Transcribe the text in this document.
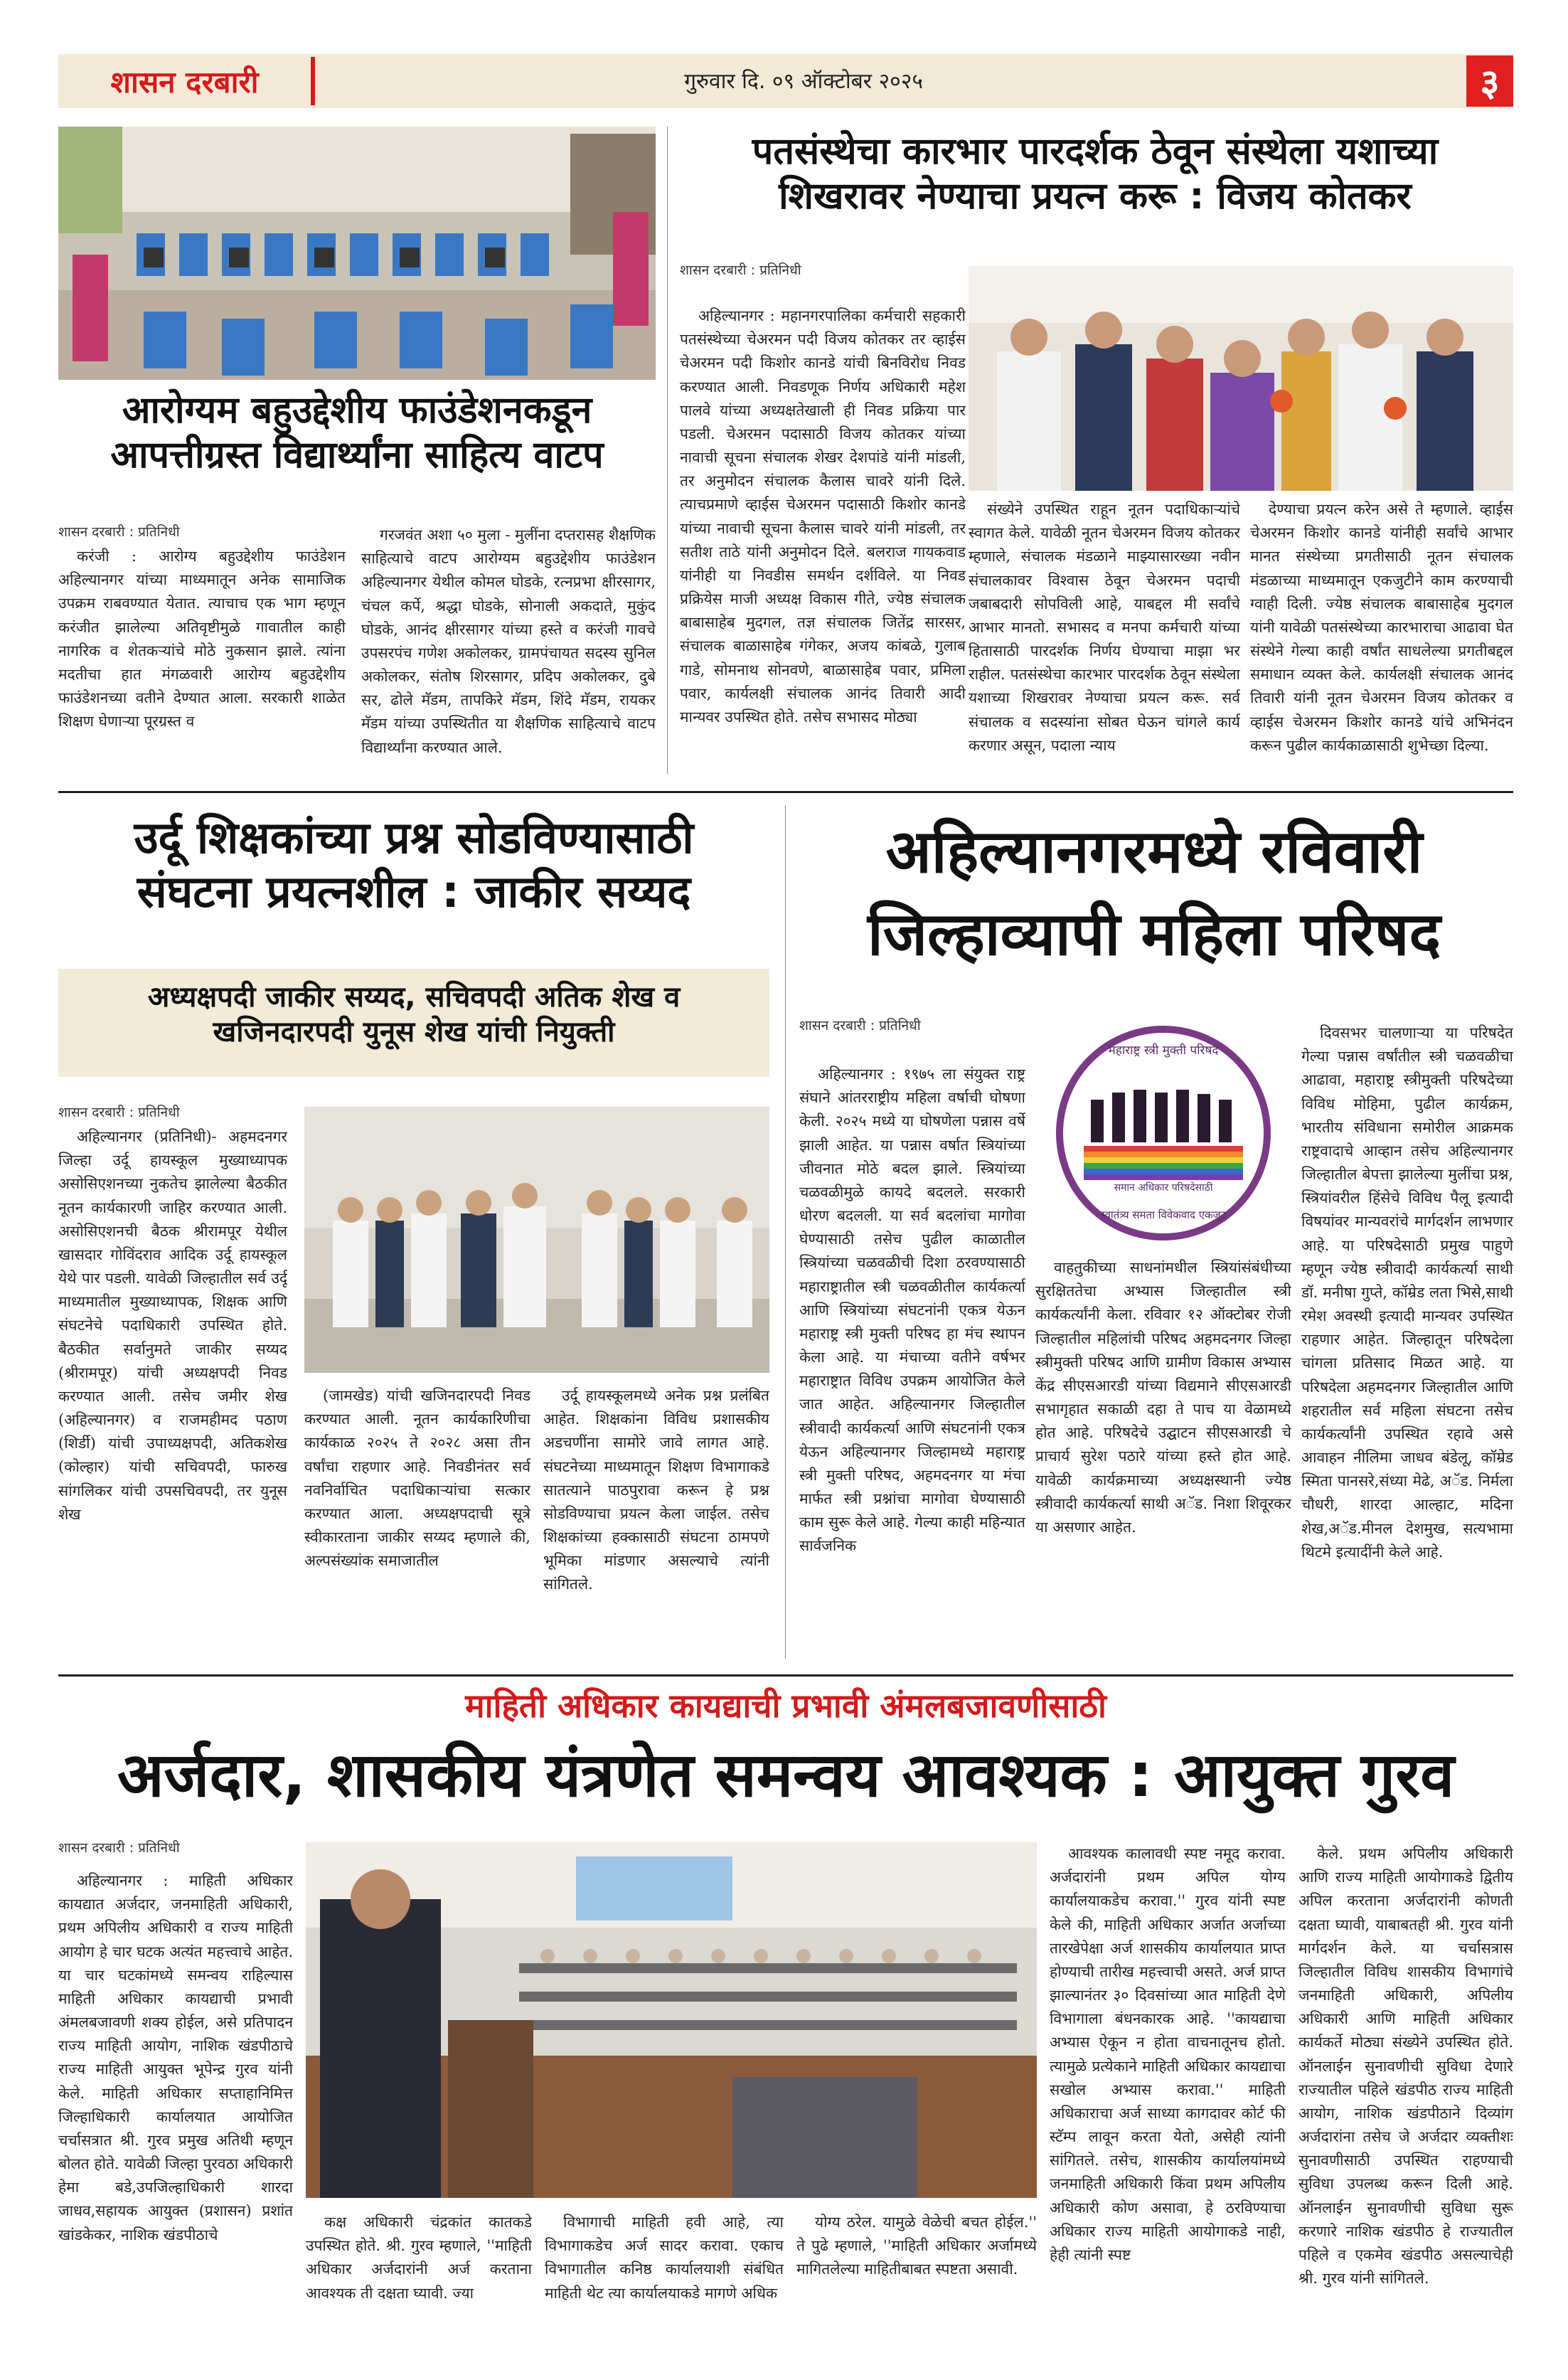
शासन दरबारी	गुरुवार दि. ०९ ऑक्टोबर २०२५	३
आरोग्यम बहुउद्देशीय फाउंडेशनकडून
आपत्तीग्रस्त विद्यार्थ्यांना साहित्य वाटप
शासन दरबारी : प्रतिनिधी

करंजी : आरोग्य बहुउद्देशीय फाउंडेशन अहिल्यानगर यांच्या माध्यमातून अनेक सामाजिक उपक्रम राबवण्यात येतात. त्याचाच एक भाग म्हणून करंजीत झालेल्या अतिवृष्टीमुळे गावातील काही नागरिक व शेतकऱ्यांचे मोठे नुकसान झाले. त्यांना मदतीचा हात मंगळवारी आरोग्य बहुउद्देशीय फाउंडेशनच्या वतीने देण्यात आला. सरकारी शाळेत शिक्षण घेणाऱ्या पूरग्रस्त व

गरजवंत अशा ५० मुला - मुलींना दप्तरासह शैक्षणिक साहित्याचे वाटप आरोग्यम बहुउद्देशीय फाउंडेशन अहिल्यानगर येथील कोमल घोडके, रत्नप्रभा क्षीरसागर, चंचल कर्पे, श्रद्धा घोडके, सोनाली अकदाते, मुकुंद घोडके, आनंद क्षीरसागर यांच्या हस्ते व करंजी गावचे उपसरपंच गणेश अकोलकर, ग्रामपंचायत सदस्य सुनिल अकोलकर, संतोष शिरसागर, प्रदिप अकोलकर, दुबे सर, ढोले मॅडम, तापकिरे मॅडम, शिंदे मॅडम, रायकर मॅडम यांच्या उपस्थितीत या शैक्षणिक साहित्याचे वाटप विद्यार्थ्यांना करण्यात आले.

पतसंस्थेचा कारभार पारदर्शक ठेवून संस्थेला यशाच्या
शिखरावर नेण्याचा प्रयत्न करू : विजय कोतकर
शासन दरबारी : प्रतिनिधी

अहिल्यानगर : महानगरपालिका कर्मचारी सहकारी पतसंस्थेच्या चेअरमन पदी विजय कोतकर तर व्हाईस चेअरमन पदी किशोर कानडे यांची बिनविरोध निवड करण्यात आली. निवडणूक निर्णय अधिकारी महेश पालवे यांच्या अध्यक्षतेखाली ही निवड प्रक्रिया पार पडली. चेअरमन पदासाठी विजय कोतकर यांच्या नावाची सूचना संचालक शेखर देशपांडे यांनी मांडली, तर अनुमोदन संचालक कैलास चावरे यांनी दिले. त्याचप्रमाणे व्हाईस चेअरमन पदासाठी किशोर कानडे यांच्या नावाची सूचना कैलास चावरे यांनी मांडली, तर सतीश ताठे यांनी अनुमोदन दिले. बलराज गायकवाड यांनीही या निवडीस समर्थन दर्शविले. या निवड प्रक्रियेस माजी अध्यक्ष विकास गीते, ज्येष्ठ संचालक बाबासाहेब मुदगल, तज्ञ संचालक जितेंद्र सारसर, संचालक बाळासाहेब गंगेकर, अजय कांबळे, गुलाब गाडे, सोमनाथ सोनवणे, बाळासाहेब पवार, प्रमिला पवार, कार्यलक्षी संचालक आनंद तिवारी आदी मान्यवर उपस्थित होते. तसेच सभासद मोठ्या

संख्येने उपस्थित राहून नूतन पदाधिकाऱ्यांचे स्वागत केले. यावेळी नूतन चेअरमन विजय कोतकर म्हणाले, संचालक मंडळाने माझ्यासारख्या नवीन संचालकावर विश्वास ठेवून चेअरमन पदाची जबाबदारी सोपविली आहे, याबद्दल मी सर्वांचे आभार मानतो. सभासद व मनपा कर्मचारी यांच्या हितासाठी पारदर्शक निर्णय घेण्याचा माझा भर राहील. पतसंस्थेचा कारभार पारदर्शक ठेवून संस्थेला यशाच्या शिखरावर नेण्याचा प्रयत्न करू. सर्व संचालक व सदस्यांना सोबत घेऊन चांगले कार्य करणार असून, पदाला न्याय

देण्याचा प्रयत्न करेन असे ते म्हणाले. व्हाईस चेअरमन किशोर कानडे यांनीही सर्वांचे आभार मानत संस्थेच्या प्रगतीसाठी नूतन संचालक मंडळाच्या माध्यमातून एकजुटीने काम करण्याची ग्वाही दिली. ज्येष्ठ संचालक बाबासाहेब मुदगल यांनी यावेळी पतसंस्थेच्या कारभाराचा आढावा घेत संस्थेने गेल्या काही वर्षांत साधलेल्या प्रगतीबद्दल समाधान व्यक्त केले. कार्यलक्षी संचालक आनंद तिवारी यांनी नूतन चेअरमन विजय कोतकर व व्हाईस चेअरमन किशोर कानडे यांचे अभिनंदन करून पुढील कार्यकाळासाठी शुभेच्छा दिल्या.

उर्दू शिक्षकांच्या प्रश्न सोडविण्यासाठी
संघटना प्रयत्नशील : जाकीर सय्यद
अध्यक्षपदी जाकीर सय्यद, सचिवपदी अतिक शेख व
खजिनदारपदी युनूस शेख यांची नियुक्ती
शासन दरबारी : प्रतिनिधी

अहिल्यानगर (प्रतिनिधी)- अहमदनगर जिल्हा उर्दू हायस्कूल मुख्याध्यापक असोसिएशनच्या नुकतेच झालेल्या बैठकीत नूतन कार्यकारणी जाहिर करण्यात आली. असोसिएशनची बैठक श्रीरामपूर येथील खासदार गोविंदराव आदिक उर्दू हायस्कूल येथे पार पडली. यावेळी जिल्हातील सर्व उर्दू माध्यमातील मुख्याध्यापक, शिक्षक आणि संघटनेचे पदाधिकारी उपस्थित होते. बैठकीत सर्वानुमते जाकीर सय्यद (श्रीरामपूर) यांची अध्यक्षपदी निवड करण्यात आली. तसेच जमीर शेख (अहिल्यानगर) व राजमहीमद पठाण (शिर्डी) यांची उपाध्यक्षपदी, अतिकशेख (कोल्हार) यांची सचिवपदी, फारुख सांगलिकर यांची उपसचिवपदी, तर युनूस शेख

(जामखेड) यांची खजिनदारपदी निवड करण्यात आली. नूतन कार्यकारिणीचा कार्यकाळ २०२५ ते २०२८ असा तीन वर्षांचा राहणार आहे. निवडीनंतर सर्व नवनिर्वाचित पदाधिकाऱ्यांचा सत्कार करण्यात आला. अध्यक्षपदाची सूत्रे स्वीकारताना जाकीर सय्यद म्हणाले की, अल्पसंख्यांक समाजातील

उर्दू हायस्कूलमध्ये अनेक प्रश्न प्रलंबित आहेत. शिक्षकांना विविध प्रशासकीय अडचणींना सामोरे जावे लागत आहे. संघटनेच्या माध्यमातून शिक्षण विभागाकडे सातत्याने पाठपुरावा करून हे प्रश्न सोडविण्याचा प्रयत्न केला जाईल. तसेच शिक्षकांच्या हक्कासाठी संघटना ठामपणे भूमिका मांडणार असल्याचे त्यांनी सांगितले.

अहिल्यानगरमध्ये रविवारी
जिल्हाव्यापी महिला परिषद
शासन दरबारी : प्रतिनिधी

अहिल्यानगर : १९७५ ला संयुक्त राष्ट्र संघाने आंतरराष्ट्रीय महिला वर्षाची घोषणा केली. २०२५ मध्ये या घोषणेला पन्नास वर्षे झाली आहेत. या पन्नास वर्षात स्त्रियांच्या जीवनात मोठे बदल झाले. स्त्रियांच्या चळवळीमुळे कायदे बदलले. सरकारी धोरण बदलली. या सर्व बदलांचा मागोवा घेण्यासाठी तसेच पुढील काळातील स्त्रियांच्या चळवळीची दिशा ठरवण्यासाठी महाराष्ट्रातील स्त्री चळवळीतील कार्यकर्त्या आणि स्त्रियांच्या संघटनांनी एकत्र येऊन महाराष्ट्र स्त्री मुक्ती परिषद हा मंच स्थापन केला आहे. या मंचाच्या वतीने वर्षभर महाराष्ट्रात विविध उपक्रम आयोजित केले जात आहेत. अहिल्यानगर जिल्हातील स्त्रीवादी कार्यकर्त्या आणि संघटनांनी एकत्र येऊन अहिल्यानगर जिल्हामध्ये महाराष्ट्र स्त्री मुक्ती परिषद, अहमदनगर या मंचा मार्फत स्त्री प्रश्नांचा मागोवा घेण्यासाठी काम सुरू केले आहे. गेल्या काही महिन्यात सार्वजनिक

महाराष्ट्र स्त्री मुक्ती परिषद
समान अधिकार परिषदेसाठी
स्वातंत्र्य समता विवेकवाद एकजूट

वाहतुकीच्या साधनांमधील स्त्रियांसंबंधीच्या सुरक्षिततेचा अभ्यास जिल्हातील स्त्री कार्यकर्त्यांनी केला. रविवार १२ ऑक्टोबर रोजी जिल्हातील महिलांची परिषद अहमदनगर जिल्हा स्त्रीमुक्ती परिषद आणि ग्रामीण विकास अभ्यास केंद्र सीएसआरडी यांच्या विद्यमाने सीएसआरडी सभागृहात सकाळी दहा ते पाच या वेळामध्ये होत आहे. परिषदेचे उद्घाटन सीएसआरडी चे प्राचार्य सुरेश पठारे यांच्या हस्ते होत आहे. यावेळी कार्यक्रमाच्या अध्यक्षस्थानी ज्येष्ठ स्त्रीवादी कार्यकर्त्या साथी अॅड. निशा शिवूरकर या असणार आहेत.

दिवसभर चालणाऱ्या या परिषदेत गेल्या पन्नास वर्षांतील स्त्री चळवळीचा आढावा, महाराष्ट्र स्त्रीमुक्ती परिषदेच्या विविध मोहिमा, पुढील कार्यक्रम, भारतीय संविधाना समोरील आक्रमक राष्ट्रवादाचे आव्हान तसेच अहिल्यानगर जिल्हातील बेपत्ता झालेल्या मुलींचा प्रश्न, स्त्रियांवरील हिंसेचे विविध पैलू इत्यादी विषयांवर मान्यवरांचे मार्गदर्शन लाभणार आहे. या परिषदेसाठी प्रमुख पाहुणे म्हणून ज्येष्ठ स्त्रीवादी कार्यकर्त्या साथी डॉ. मनीषा गुप्ते, कॉम्रेड लता भिसे,साथी रमेश अवस्थी इत्यादी मान्यवर उपस्थित राहणार आहेत. जिल्हातून परिषदेला चांगला प्रतिसाद मिळत आहे. या परिषदेला अहमदनगर जिल्हातील आणि शहरातील सर्व महिला संघटना तसेच कार्यकर्त्यांनी उपस्थित रहावे असे आवाहन नीलिमा जाधव बंडेलू, कॉम्रेड स्मिता पानसरे,संध्या मेढे, अॅड. निर्मला चौधरी, शारदा आल्हाट, मदिना शेख,अॅड.मीनल देशमुख, सत्यभामा थिटमे इत्यादींनी केले आहे.

माहिती अधिकार कायद्याची प्रभावी अंमलबजावणीसाठी
अर्जदार, शासकीय यंत्रणेत समन्वय आवश्यक : आयुक्त गुरव
शासन दरबारी : प्रतिनिधी

अहिल्यानगर : माहिती अधिकार कायद्यात अर्जदार, जनमाहिती अधिकारी, प्रथम अपिलीय अधिकारी व राज्य माहिती आयोग हे चार घटक अत्यंत महत्त्वाचे आहेत. या चार घटकांमध्ये समन्वय राहिल्यास माहिती अधिकार कायद्याची प्रभावी अंमलबजावणी शक्य होईल, असे प्रतिपादन राज्य माहिती आयोग, नाशिक खंडपीठाचे राज्य माहिती आयुक्त भूपेन्द्र गुरव यांनी केले. माहिती अधिकार सप्ताहानिमित्त जिल्हाधिकारी कार्यालयात आयोजित चर्चासत्रात श्री. गुरव प्रमुख अतिथी म्हणून बोलत होते. यावेळी जिल्हा पुरवठा अधिकारी हेमा बडे,उपजिल्हाधिकारी शारदा जाधव,सहायक आयुक्त (प्रशासन) प्रशांत खांडकेकर, नाशिक खंडपीठाचे

कक्ष अधिकारी चंद्रकांत कातकडे उपस्थित होते. श्री. गुरव म्हणाले, ''माहिती अधिकार अर्जदारांनी अर्ज करताना आवश्यक ती दक्षता घ्यावी. ज्या

विभागाची माहिती हवी आहे, त्या विभागाकडेच अर्ज सादर करावा. एकाच विभागातील कनिष्ठ कार्यालयाशी संबंधित माहिती थेट त्या कार्यालयाकडे मागणे अधिक

योग्य ठरेल. यामुळे वेळेची बचत होईल.'' ते पुढे म्हणाले, ''माहिती अधिकार अर्जामध्ये मागितलेल्या माहितीबाबत स्पष्टता असावी.

आवश्यक कालावधी स्पष्ट नमूद करावा. अर्जदारांनी प्रथम अपिल योग्य कार्यालयाकडेच करावा.'' गुरव यांनी स्पष्ट केले की, माहिती अधिकार अर्जात अर्जाच्या तारखेपेक्षा अर्ज शासकीय कार्यालयात प्राप्त होण्याची तारीख महत्त्वाची असते. अर्ज प्राप्त झाल्यानंतर ३० दिवसांच्या आत माहिती देणे विभागाला बंधनकारक आहे. ''कायद्याचा अभ्यास ऐकून न होता वाचनातूनच होतो. त्यामुळे प्रत्येकाने माहिती अधिकार कायद्याचा सखोल अभ्यास करावा.'' माहिती अधिकाराचा अर्ज साध्या कागदावर कोर्ट फी स्टॅम्प लावून करता येतो, असेही त्यांनी सांगितले. तसेच, शासकीय कार्यालयांमध्ये जनमाहिती अधिकारी किंवा प्रथम अपिलीय अधिकारी कोण असावा, हे ठरविण्याचा अधिकार राज्य माहिती आयोगाकडे नाही, हेही त्यांनी स्पष्ट

केले. प्रथम अपिलीय अधिकारी आणि राज्य माहिती आयोगाकडे द्वितीय अपिल करताना अर्जदारांनी कोणती दक्षता घ्यावी, याबाबतही श्री. गुरव यांनी मार्गदर्शन केले. या चर्चासत्रास जिल्हातील विविध शासकीय विभागांचे जनमाहिती अधिकारी, अपिलीय अधिकारी आणि माहिती अधिकार कार्यकर्ते मोठ्या संख्येने उपस्थित होते. ऑनलाईन सुनावणीची सुविधा देणारे राज्यातील पहिले खंडपीठ राज्य माहिती आयोग, नाशिक खंडपीठाने दिव्यांग अर्जदारांना तसेच जे अर्जदार व्यक्तीशः सुनावणीसाठी उपस्थित राहण्याची सुविधा उपलब्ध करून दिली आहे. ऑनलाईन सुनावणीची सुविधा सुरू करणारे नाशिक खंडपीठ हे राज्यातील पहिले व एकमेव खंडपीठ असल्याचेही श्री. गुरव यांनी सांगितले.
